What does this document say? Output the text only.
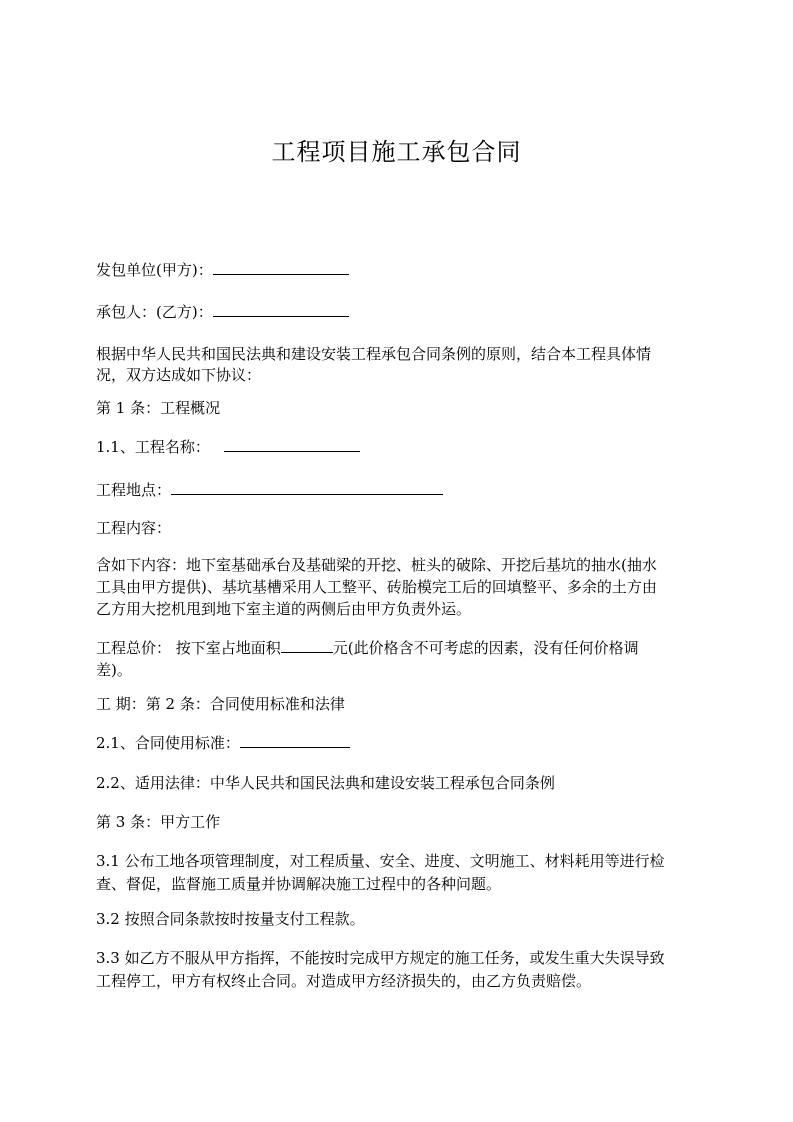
工程项目施工承包合同

发包单位(甲方)：

承包人：(乙方)：

根据中华人民共和国民法典和建设安装工程承包合同条例的原则，结合本工程具体情

况，双方达成如下协议：

第 1 条：工程概况

1.1、工程名称：

工程地点：

工程内容：

含如下内容：地下室基础承台及基础梁的开挖、桩头的破除、开挖后基坑的抽水(抽水

工具由甲方提供)、基坑基槽采用人工整平、砖胎模完工后的回填整平、多余的土方由

乙方用大挖机甩到地下室主道的两侧后由甲方负责外运。

工程总价： 按下室占地面积	元(此价格含不可考虑的因素，没有任何价格调

差)。

工 期：第 2 条：合同使用标准和法律

2.1、合同使用标准：

2.2、适用法律：中华人民共和国民法典和建设安装工程承包合同条例

第 3 条：甲方工作

3.1 公布工地各项管理制度，对工程质量、安全、进度、文明施工、材料耗用等进行检

查、督促，监督施工质量并协调解决施工过程中的各种问题。

3.2 按照合同条款按时按量支付工程款。

3.3 如乙方不服从甲方指挥，不能按时完成甲方规定的施工任务，或发生重大失误导致

工程停工，甲方有权终止合同。对造成甲方经济损失的，由乙方负责赔偿。
